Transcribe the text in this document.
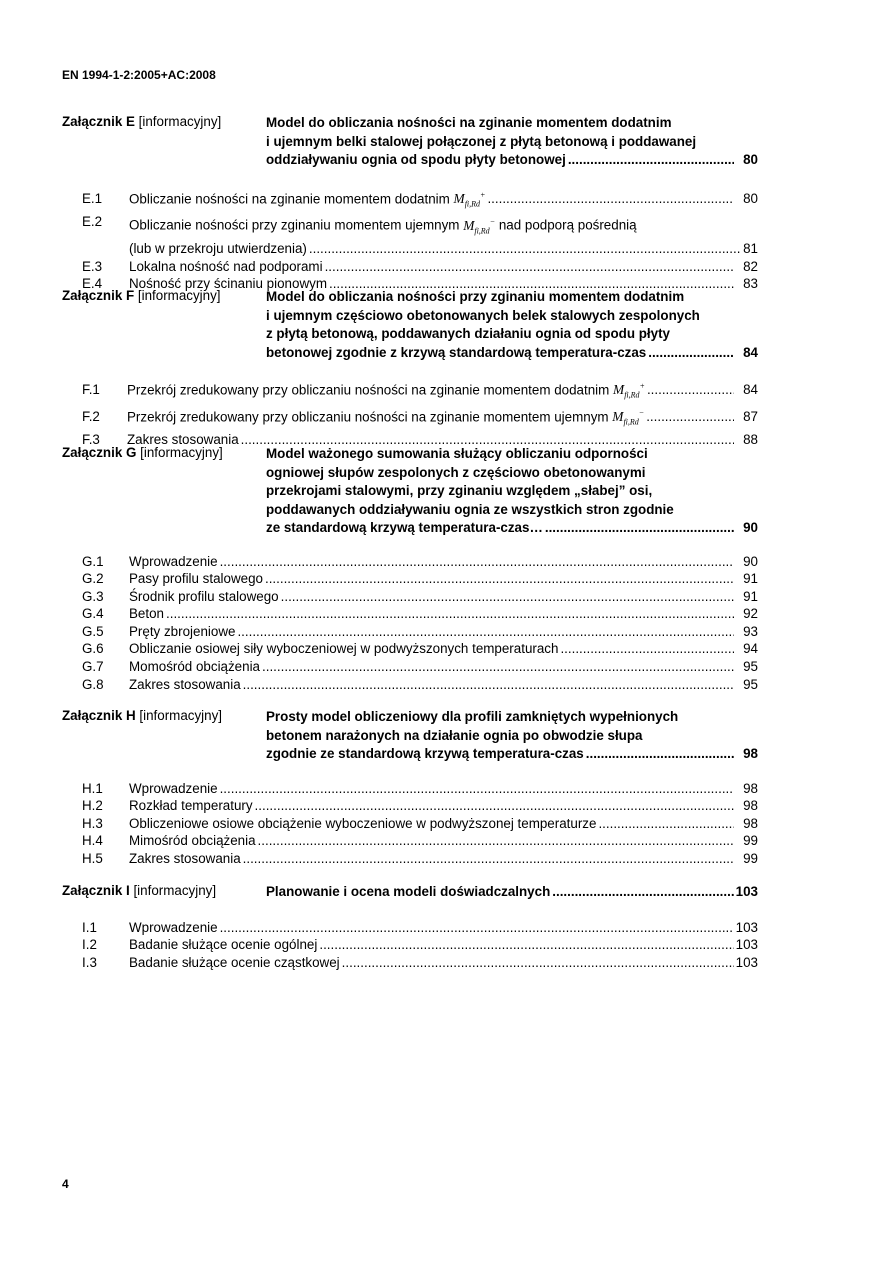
EN 1994-1-2:2005+AC:2008
Załącznik E [informacyjny]	Model do obliczania nośności na zginanie momentem dodatnim
i ujemnym belki stalowej połączonej z płytą betonową i poddawanej
oddziaływaniu ognia od spodu płyty betonowej .....	80
E.1	Obliczanie nośności na zginanie momentem dodatnim $M_{fi,Rd}^+$ .....	80
E.2	Obliczanie nośności przy zginaniu momentem ujemnym $M_{fi,Rd}^-$ nad podporą pośrednią
(lub w przekroju utwierdzenia) .....	81
E.3	Lokalna nośność nad podporami .....	82
E.4	Nośność przy ścinaniu pionowym .....	83
Załącznik F [informacyjny]	Model do obliczania nośności przy zginaniu momentem dodatnim
i ujemnym częściowo obetonowanych belek stalowych zespolonych
z płytą betonową, poddawanych działaniu ognia od spodu płyty
betonowej zgodnie z krzywą standardową temperatura-czas .....	84
F.1	Przekrój zredukowany przy obliczaniu nośności na zginanie momentem dodatnim $M_{fi,Rd}^+$ .....	84
F.2	Przekrój zredukowany przy obliczaniu nośności na zginanie momentem ujemnym $M_{fi,Rd}^-$ .....	87
F.3	Zakres stosowania .....	88
Załącznik G [informacyjny]	Model ważonego sumowania służący obliczaniu odporności
ogniowej słupów zespolonych z częściowo obetonowanymi
przekrojami stalowymi, przy zginaniu względem „słabej” osi,
poddawanych oddziaływaniu ognia ze wszystkich stron zgodnie
ze standardową krzywą temperatura-czas… .....	90
G.1	Wprowadzenie .....	90
G.2	Pasy profilu stalowego .....	91
G.3	Środnik profilu stalowego .....	91
G.4	Beton .....	92
G.5	Pręty zbrojeniowe .....	93
G.6	Obliczanie osiowej siły wyboczeniowej w podwyższonych temperaturach .....	94
G.7	Momośród obciążenia .....	95
G.8	Zakres stosowania .....	95
Załącznik H [informacyjny]	Prosty model obliczeniowy dla profili zamkniętych wypełnionych
betonem narażonych na działanie ognia po obwodzie słupa
zgodnie ze standardową krzywą temperatura-czas .....	98
H.1	Wprowadzenie .....	98
H.2	Rozkład temperatury .....	98
H.3	Obliczeniowe osiowe obciążenie wyboczeniowe w podwyższonej temperaturze .....	98
H.4	Mimośród obciążenia .....	99
H.5	Zakres stosowania .....	99
Załącznik I [informacyjny]	Planowanie i ocena modeli doświadczalnych .....	103
I.1	Wprowadzenie .....	103
I.2	Badanie służące ocenie ogólnej .....	103
I.3	Badanie służące ocenie cząstkowej .....	103
4
